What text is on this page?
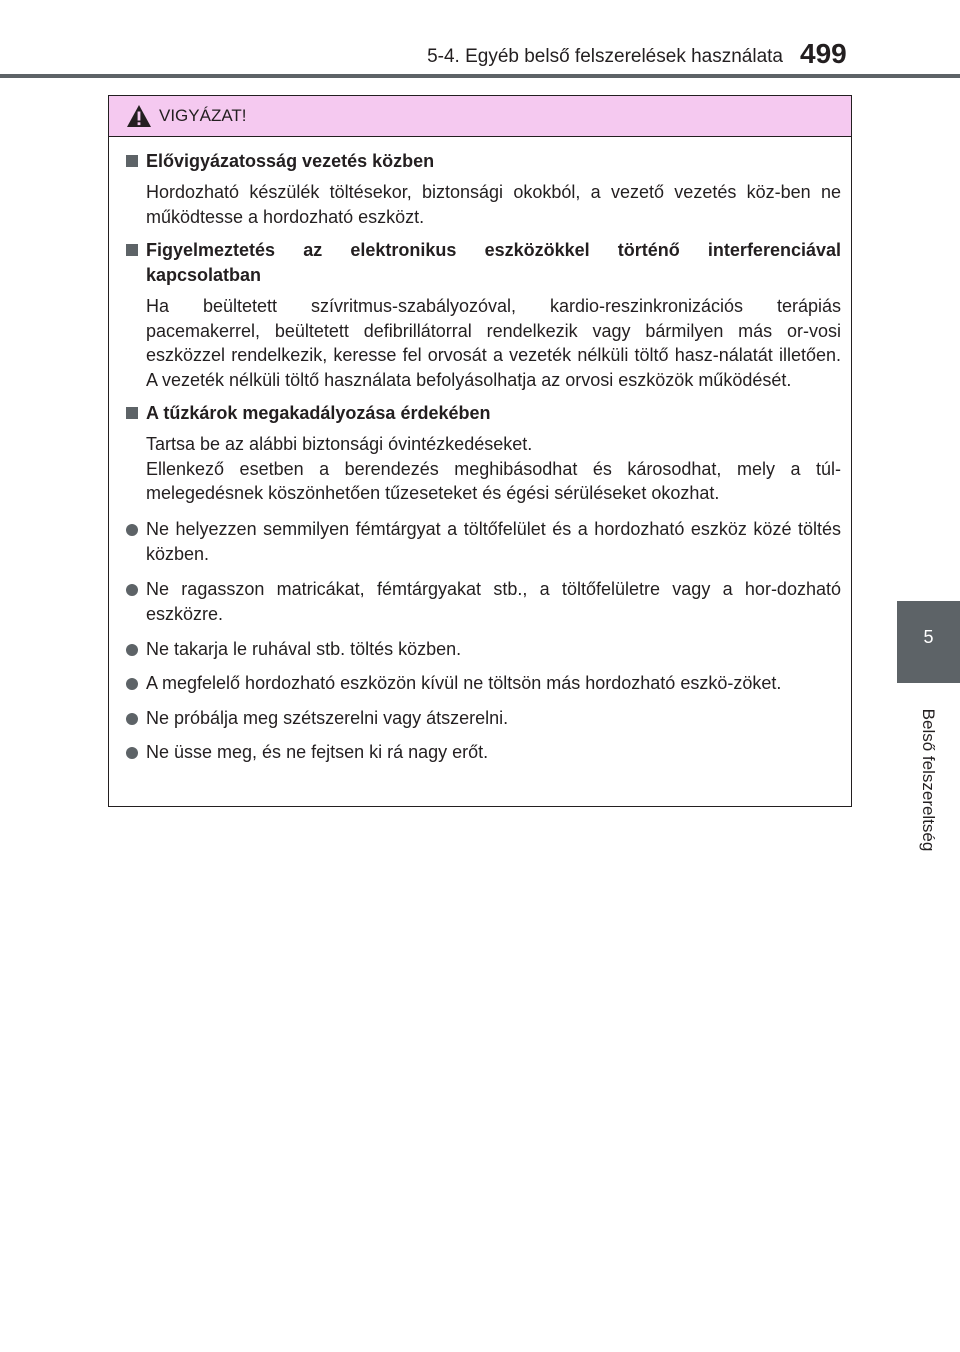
5-4. Egyéb belső felszerelések használata 499
5
Belső felszereltség
VIGYÁZAT!
Elővigyázatosság vezetés közben
Hordozható készülék töltésekor, biztonsági okokból, a vezető vezetés köz-ben ne működtesse a hordozható eszközt.
Figyelmeztetés az elektronikus eszközökkel történő interferenciával kapcsolatban
Ha beültetett szívritmus-szabályozóval, kardio-reszinkronizációs terápiás pacemakerrel, beültetett defibrillátorral rendelkezik vagy bármilyen más or-vosi eszközzel rendelkezik, keresse fel orvosát a vezeték nélküli töltő hasz-nálatát illetően. A vezeték nélküli töltő használata befolyásolhatja az orvosi eszközök működését.
A tűzkárok megakadályozása érdekében
Tartsa be az alábbi biztonsági óvintézkedéseket.
Ellenkező esetben a berendezés meghibásodhat és károsodhat, mely a túl-melegedésnek köszönhetően tűzeseteket és égési sérüléseket okozhat.
Ne helyezzen semmilyen fémtárgyat a töltőfelület és a hordozható eszköz közé töltés közben.
Ne ragasszon matricákat, fémtárgyakat stb., a töltőfelületre vagy a hor-dozható eszközre.
Ne takarja le ruhával stb. töltés közben.
A megfelelő hordozható eszközön kívül ne töltsön más hordozható eszkö-zöket.
Ne próbálja meg szétszerelni vagy átszerelni.
Ne üsse meg, és ne fejtsen ki rá nagy erőt.
